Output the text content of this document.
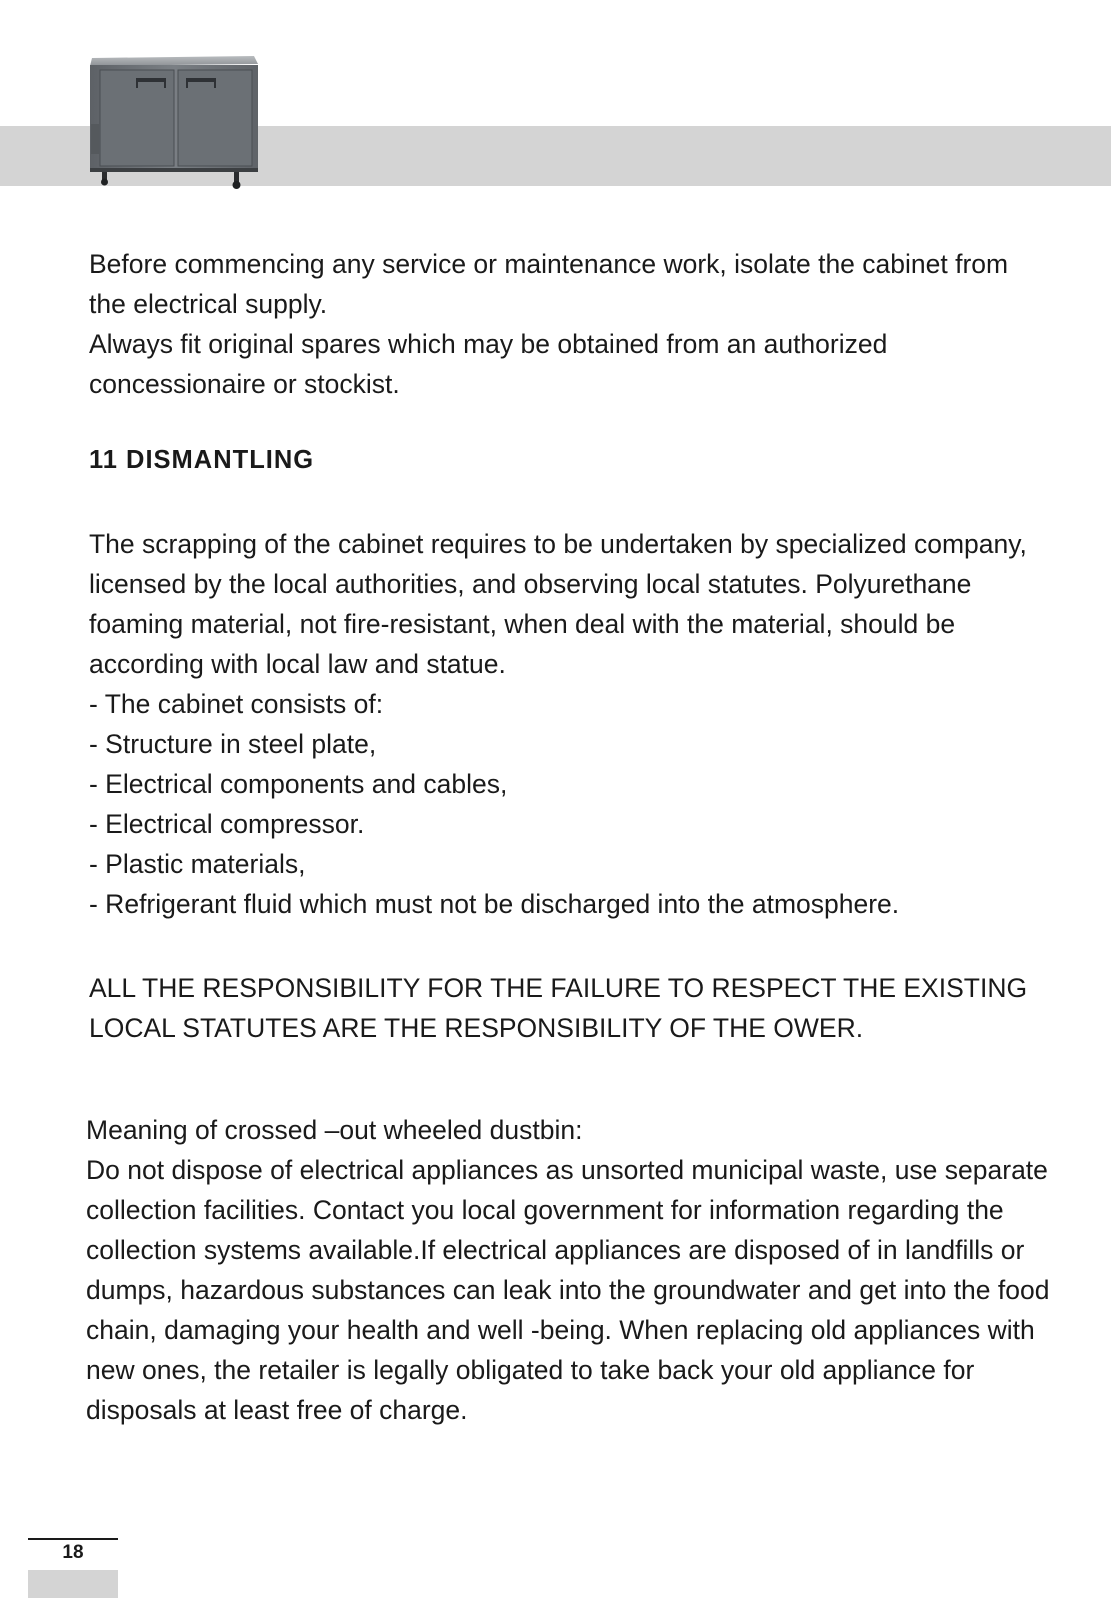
Before commencing any service or maintenance work, isolate the cabinet from the electrical supply.

Always fit original spares which may be obtained from an authorized concessionaire or stockist.

11 DISMANTLING

The scrapping of the cabinet requires to be undertaken by specialized company, licensed by the local authorities, and observing local statutes. Polyurethane foaming material, not fire-resistant, when deal with the material, should be according with local law and statue.

- The cabinet consists of:

- Structure in steel plate,

- Electrical components and cables,

- Electrical compressor.

- Plastic materials,

- Refrigerant fluid which must not be discharged into the atmosphere.

ALL THE RESPONSIBILITY FOR THE FAILURE TO RESPECT THE EXISTING LOCAL STATUTES ARE THE RESPONSIBILITY OF THE OWER.

Meaning of crossed –out wheeled dustbin:

Do not dispose of electrical appliances as unsorted municipal waste, use separate collection facilities. Contact you local government for information regarding the collection systems available.If electrical appliances are disposed of in landfills or dumps, hazardous substances can leak into the groundwater and get into the food chain, damaging your health and well -being. When replacing old appliances with new ones, the retailer is legally obligated to take back your old appliance for disposals at least free of charge.

18
